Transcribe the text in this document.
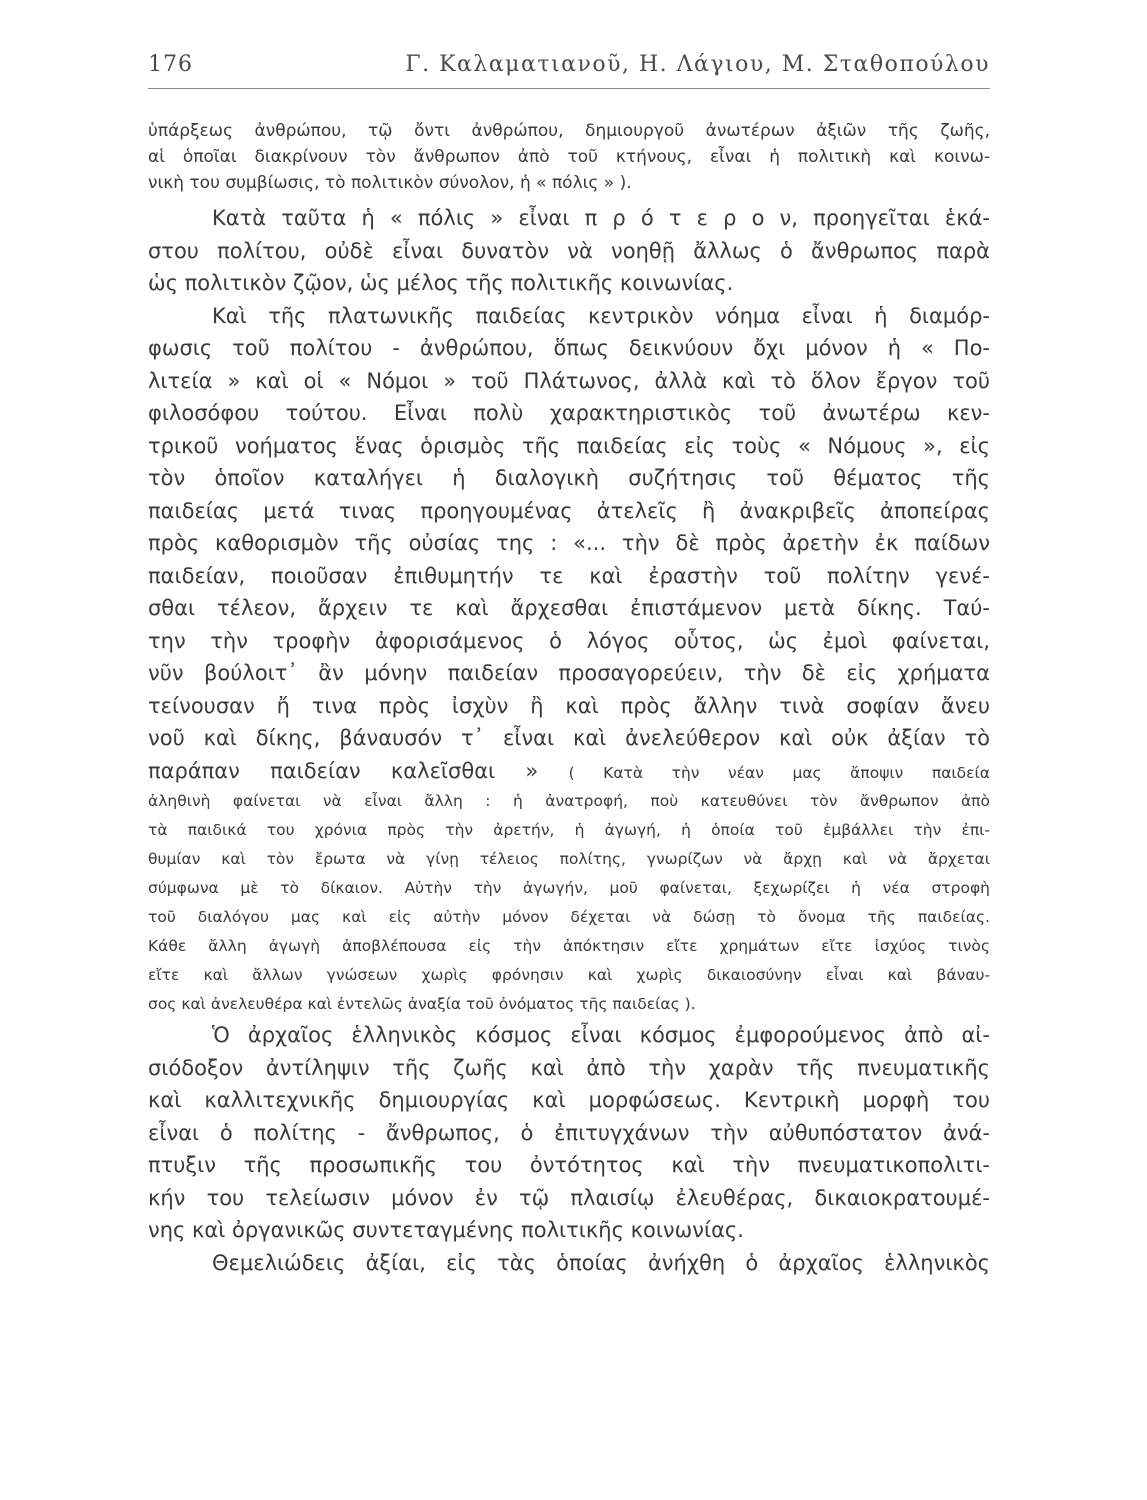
176	Γ. Καλαματιανοῦ, Η. Λάγιου, Μ. Σταθοπούλου
ὑπάρξεως ἀνθρώπου, τῷ ὄντι ἀνθρώπου, δημιουργοῦ ἀνωτέρων ἀξιῶν τῆς ζωῆς,
αἱ ὁποῖαι διακρίνουν τὸν ἄνθρωπον ἀπὸ τοῦ κτήνους, εἶναι ἡ πολιτικὴ καὶ κοινω-
νικὴ του συμβίωσις, τὸ πολιτικὸν σύνολον, ἡ « πόλις » ).
Κατὰ ταῦτα ἡ « πόλις » εἶναι π ρ ό τ ε ρ ο ν, προηγεῖται ἑκά-
στου πολίτου, οὐδὲ εἶναι δυνατὸν νὰ νοηθῇ ἄλλως ὁ ἄνθρωπος παρὰ
ὡς πολιτικὸν ζῷον, ὡς μέλος τῆς πολιτικῆς κοινωνίας.
Καὶ τῆς πλατωνικῆς παιδείας κεντρικὸν νόημα εἶναι ἡ διαμόρ-
φωσις τοῦ πολίτου - ἀνθρώπου, ὅπως δεικνύουν ὄχι μόνον ἡ « Πο-
λιτεία » καὶ οἱ « Νόμοι » τοῦ Πλάτωνος, ἀλλὰ καὶ τὸ ὅλον ἔργον τοῦ
φιλοσόφου τούτου. Εἶναι πολὺ χαρακτηριστικὸς τοῦ ἀνωτέρω κεν-
τρικοῦ νοήματος ἕνας ὁρισμὸς τῆς παιδείας εἰς τοὺς « Νόμους », εἰς
τὸν ὁποῖον καταλήγει ἡ διαλογικὴ συζήτησις τοῦ θέματος τῆς
παιδείας μετά τινας προηγουμένας ἀτελεῖς ἢ ἀνακριβεῖς ἀποπείρας
πρὸς καθορισμὸν τῆς οὐσίας της : «... τὴν δὲ πρὸς ἀρετὴν ἐκ παίδων
παιδείαν, ποιοῦσαν ἐπιθυμητήν τε καὶ ἐραστὴν τοῦ πολίτην γενέ-
σθαι τέλεον, ἄρχειν τε καὶ ἄρχεσθαι ἐπιστάμενον μετὰ δίκης. Ταύ-
την τὴν τροφὴν ἀφορισάμενος ὁ λόγος οὗτος, ὡς ἐμοὶ φαίνεται,
νῦν βούλοιτ᾽ ἂν μόνην παιδείαν προσαγορεύειν, τὴν δὲ εἰς χρήματα
τείνουσαν ἤ τινα πρὸς ἰσχὺν ἢ καὶ πρὸς ἄλλην τινὰ σοφίαν ἄνευ
νοῦ καὶ δίκης, βάναυσόν τ᾽ εἶναι καὶ ἀνελεύθερον καὶ οὐκ ἀξίαν τὸ
παράπαν παιδείαν καλεῖσθαι » ( Κατὰ τὴν νέαν μας ἄποψιν παιδεία
ἀληθινὴ φαίνεται νὰ εἶναι ἄλλη : ἡ ἀνατροφή, ποὺ κατευθύνει τὸν ἄνθρωπον ἀπὸ
τὰ παιδικά του χρόνια πρὸς τὴν ἀρετήν, ἡ ἀγωγή, ἡ ὁποία τοῦ ἐμβάλλει τὴν ἐπι-
θυμίαν καὶ τὸν ἔρωτα νὰ γίνῃ τέλειος πολίτης, γνωρίζων νὰ ἄρχῃ καὶ νὰ ἄρχεται
σύμφωνα μὲ τὸ δίκαιον. Αὐτὴν τὴν ἀγωγήν, μοῦ φαίνεται, ξεχωρίζει ἡ νέα στροφὴ
τοῦ διαλόγου μας καὶ εἰς αὐτὴν μόνον δέχεται νὰ δώσῃ τὸ ὄνομα τῆς παιδείας.
Κάθε ἄλλη ἀγωγὴ ἀποβλέπουσα εἰς τὴν ἀπόκτησιν εἴτε χρημάτων εἴτε ἰσχύος τινὸς
εἴτε καὶ ἄλλων γνώσεων χωρὶς φρόνησιν καὶ χωρὶς δικαιοσύνην εἶναι καὶ βάναυ-
σος καὶ ἀνελευθέρα καὶ ἐντελῶς ἀναξία τοῦ ὀνόματος τῆς παιδείας ).
Ὁ ἀρχαῖος ἑλληνικὸς κόσμος εἶναι κόσμος ἐμφορούμενος ἀπὸ αἰ-
σιόδοξον ἀντίληψιν τῆς ζωῆς καὶ ἀπὸ τὴν χαρὰν τῆς πνευματικῆς
καὶ καλλιτεχνικῆς δημιουργίας καὶ μορφώσεως. Κεντρικὴ μορφὴ του
εἶναι ὁ πολίτης - ἄνθρωπος, ὁ ἐπιτυγχάνων τὴν αὐθυπόστατον ἀνά-
πτυξιν τῆς προσωπικῆς του ὀντότητος καὶ τὴν πνευματικοπολιτι-
κήν του τελείωσιν μόνον ἐν τῷ πλαισίῳ ἐλευθέρας, δικαιοκρατουμέ-
νης καὶ ὀργανικῶς συντεταγμένης πολιτικῆς κοινωνίας.
Θεμελιώδεις ἀξίαι, εἰς τὰς ὁποίας ἀνήχθη ὁ ἀρχαῖος ἑλληνικὸς
